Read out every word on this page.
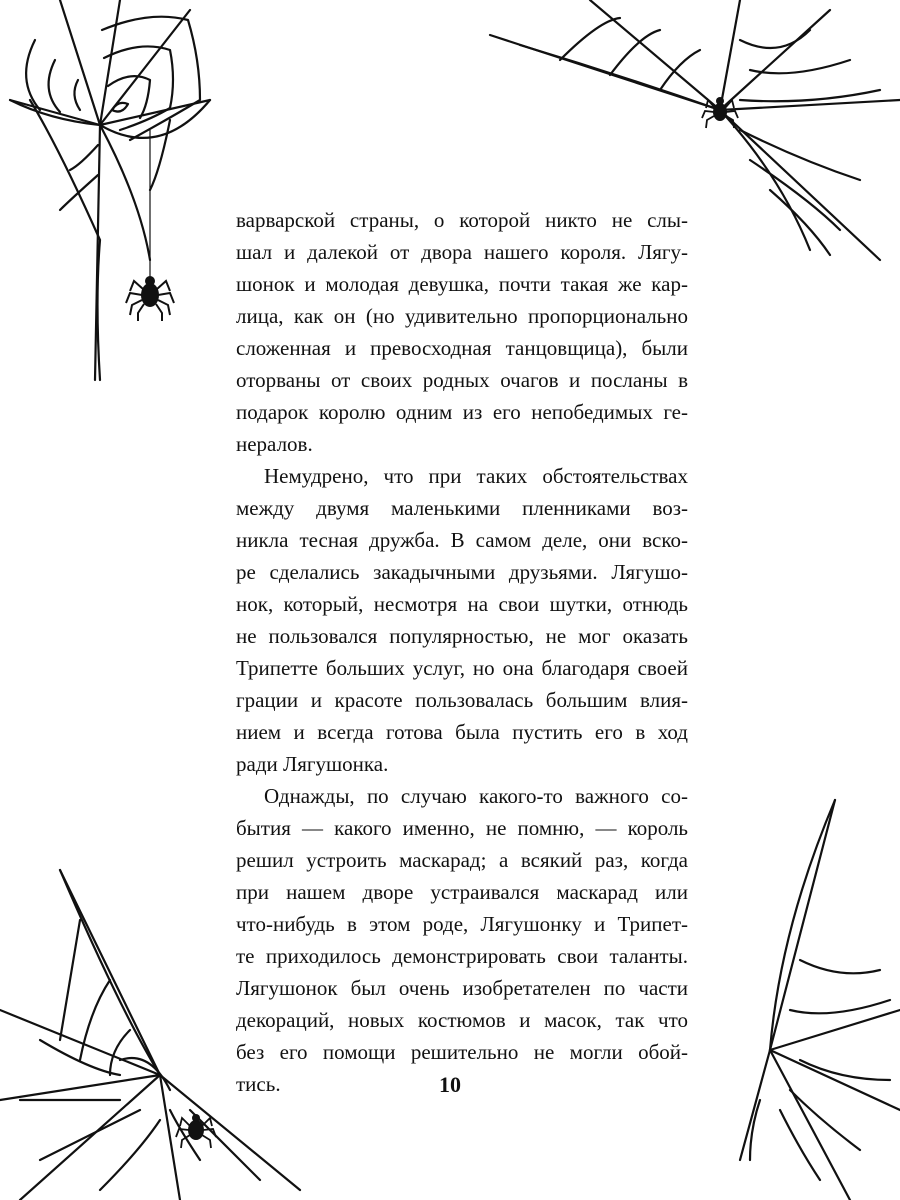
варварской страны, о которой никто не слы-

шал и далекой от двора нашего короля. Лягу-

шонок и молодая девушка, почти такая же кар-

лица, как он (но удивительно пропорционально

сложенная и превосходная танцовщица), были

оторваны от своих родных очагов и посланы в

подарок королю одним из его непобедимых ге-

нералов.

Немудрено, что при таких обстоятельствах

между двумя маленькими пленниками воз-

никла тесная дружба. В самом деле, они вско-

ре сделались закадычными друзьями. Лягушо-

нок, который, несмотря на свои шутки, отнюдь

не пользовался популярностью, не мог оказать

Трипетте больших услуг, но она благодаря своей

грации и красоте пользовалась большим влия-

нием и всегда готова была пустить его в ход

ради Лягушонка.

Однажды, по случаю какого-то важного со-

бытия — какого именно, не помню, — король

решил устроить маскарад; а всякий раз, когда

при нашем дворе устраивался маскарад или

что-нибудь в этом роде, Лягушонку и Трипет-

те приходилось демонстрировать свои таланты.

Лягушонок был очень изобретателен по части

декораций, новых костюмов и масок, так что

без его помощи решительно не могли обой-

тись.	10
